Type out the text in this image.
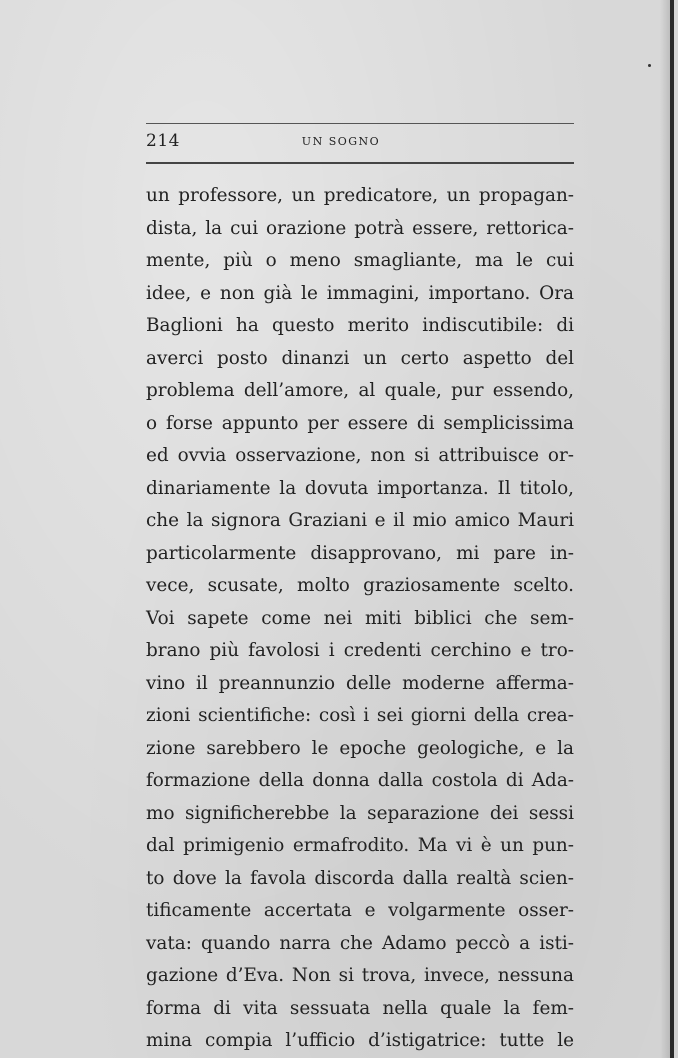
214	UN SOGNO
un professore, un predicatore, un propagan-
dista, la cui orazione potrà essere, rettorica-
mente, più o meno smagliante, ma le cui
idee, e non già le immagini, importano. Ora
Baglioni ha questo merito indiscutibile: di
averci posto dinanzi un certo aspetto del
problema dell’amore, al quale, pur essendo,
o forse appunto per essere di semplicissima
ed ovvia osservazione, non si attribuisce or-
dinariamente la dovuta importanza. Il titolo,
che la signora Graziani e il mio amico Mauri
particolarmente disapprovano, mi pare in-
vece, scusate, molto graziosamente scelto.
Voi sapete come nei miti biblici che sem-
brano più favolosi i credenti cerchino e tro-
vino il preannunzio delle moderne afferma-
zioni scientifiche: così i sei giorni della crea-
zione sarebbero le epoche geologiche, e la
formazione della donna dalla costola di Ada-
mo significherebbe la separazione dei sessi
dal primigenio ermafrodito. Ma vi è un pun-
to dove la favola discorda dalla realtà scien-
tificamente accertata e volgarmente osser-
vata: quando narra che Adamo peccò a isti-
gazione d’Eva. Non si trova, invece, nessuna
forma di vita sessuata nella quale la fem-
mina compia l’ufficio d’istigatrice: tutte le
